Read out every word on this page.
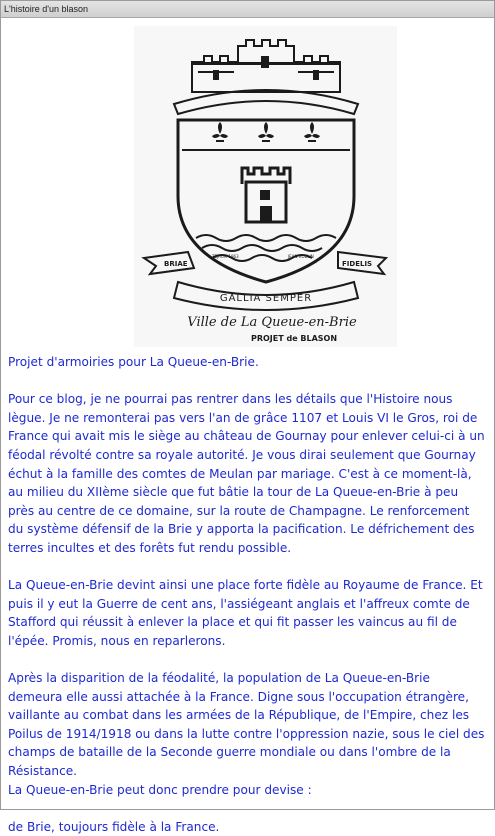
L'histoire d'un blason
BRIAE	FIDELIS
TEJAUM 1963	JEAN ROBLIN
GALLIA SEMPER
Ville de La Queue-en-Brie
PROJET de BLASON

Projet d'armoiries pour La Queue-en-Brie.

Pour ce blog, je ne pourrai pas rentrer dans les détails que l'Histoire nous lègue. Je ne remonterai pas vers l'an de grâce 1107 et Louis VI le Gros, roi de France qui avait mis le siège au château de Gournay pour enlever celui-ci à un féodal révolté contre sa royale autorité. Je vous dirai seulement que Gournay échut à la famille des comtes de Meulan par mariage. C'est à ce moment-là, au milieu du XIIème siècle que fut bâtie la tour de La Queue-en-Brie à peu près au centre de ce domaine, sur la route de Champagne. Le renforcement du système défensif de la Brie y apporta la pacification. Le défrichement des terres incultes et des forêts fut rendu possible.

La Queue-en-Brie devint ainsi une place forte fidèle au Royaume de France. Et puis il y eut la Guerre de cent ans, l'assiégeant anglais et l'affreux comte de Stafford qui réussit à enlever la place et qui fit passer les vaincus au fil de l'épée. Promis, nous en reparlerons.

Après la disparition de la féodalité, la population de La Queue-en-Brie demeura elle aussi attachée à la France. Digne sous l'occupation étrangère, vaillante au combat dans les armées de la République, de l'Empire, chez les Poilus de 1914/1918 ou dans la lutte contre l'oppression nazie, sous le ciel des champs de bataille de la Seconde guerre mondiale ou dans l'ombre de la Résistance.

La Queue-en-Brie peut donc prendre pour devise :

de Brie, toujours fidèle à la France.
